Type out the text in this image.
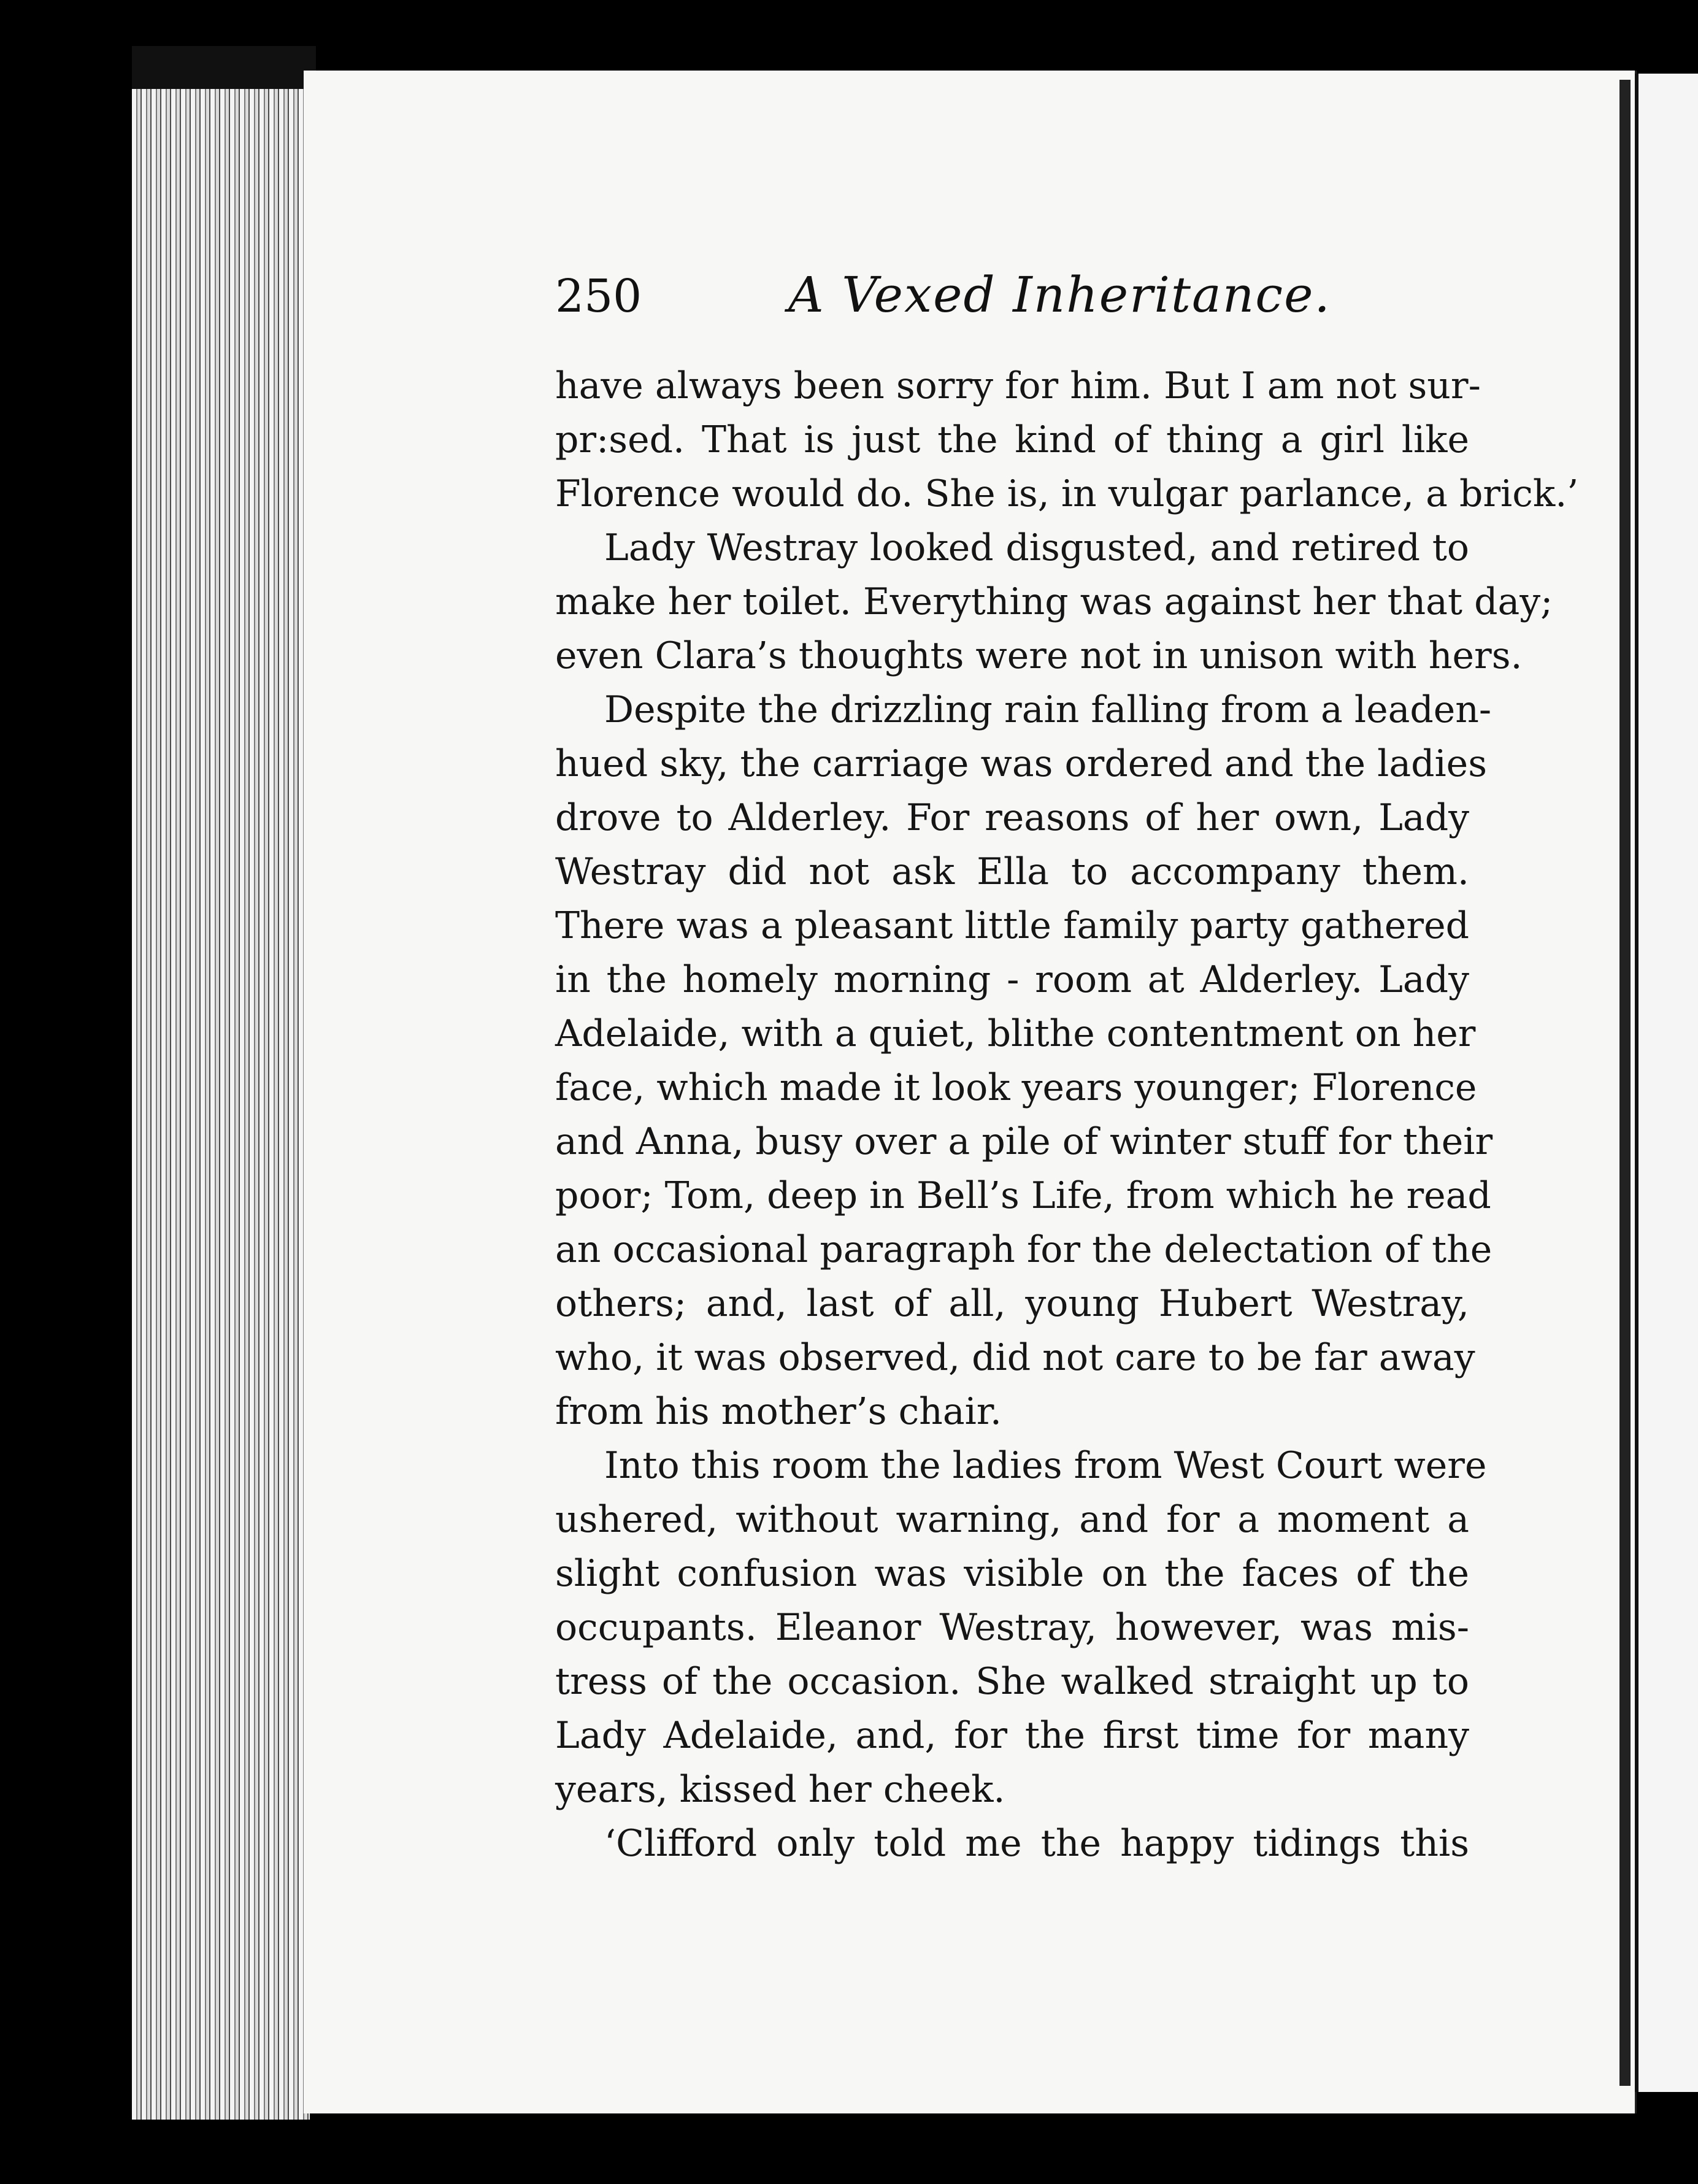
250	A Vexed Inheritance.
have always been sorry for him. But I am not sur-
pr:sed. That is just the kind of thing a girl like
Florence would do. She is, in vulgar parlance, a brick.’
Lady Westray looked disgusted, and retired to
make her toilet. Everything was against her that day;
even Clara’s thoughts were not in unison with hers.
Despite the drizzling rain falling from a leaden-
hued sky, the carriage was ordered and the ladies
drove to Alderley. For reasons of her own, Lady
Westray did not ask Ella to accompany them.
There was a pleasant little family party gathered
in the homely morning - room at Alderley. Lady
Adelaide, with a quiet, blithe contentment on her
face, which made it look years younger; Florence
and Anna, busy over a pile of winter stuff for their
poor; Tom, deep in Bell’s Life, from which he read
an occasional paragraph for the delectation of the
others; and, last of all, young Hubert Westray,
who, it was observed, did not care to be far away
from his mother’s chair.
Into this room the ladies from West Court were
ushered, without warning, and for a moment a
slight confusion was visible on the faces of the
occupants. Eleanor Westray, however, was mis-
tress of the occasion. She walked straight up to
Lady Adelaide, and, for the first time for many
years, kissed her cheek.
‘Clifford only told me the happy tidings this
